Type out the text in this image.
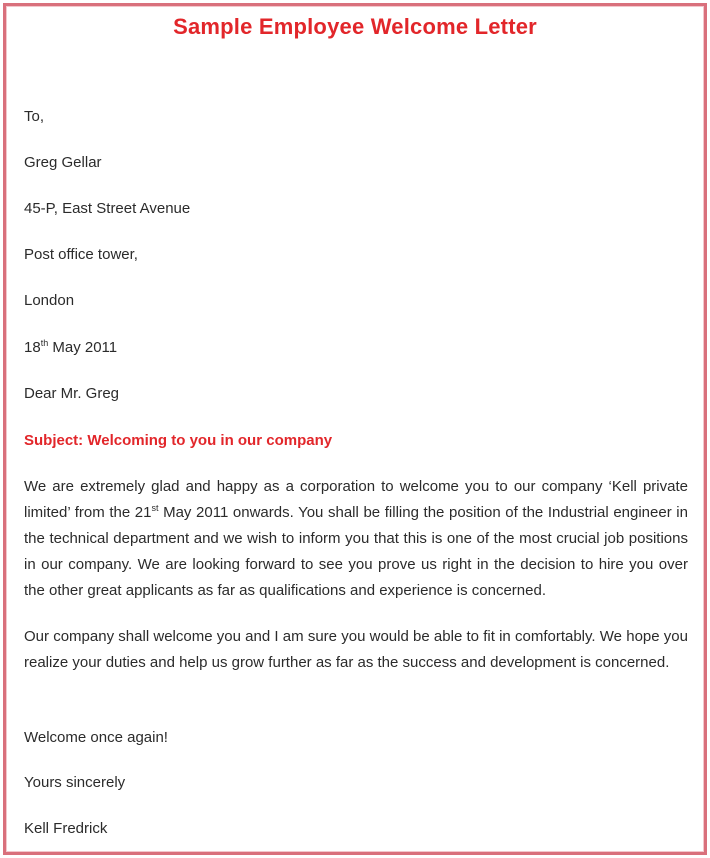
Sample Employee Welcome Letter
To,
Greg Gellar
45-P, East Street Avenue
Post office tower,
London
18th May 2011
Dear Mr. Greg
Subject: Welcoming to you in our company
We are extremely glad and happy as a corporation to welcome you to our company ‘Kell private limited’ from the 21st May 2011 onwards. You shall be filling the position of the Industrial engineer in the technical department and we wish to inform you that this is one of the most crucial job positions in our company. We are looking forward to see you prove us right in the decision to hire you over the other great applicants as far as qualifications and experience is concerned.
Our company shall welcome you and I am sure you would be able to fit in comfortably. We hope you realize your duties and help us grow further as far as the success and development is concerned.
Welcome once again!
Yours sincerely
Kell Fredrick
